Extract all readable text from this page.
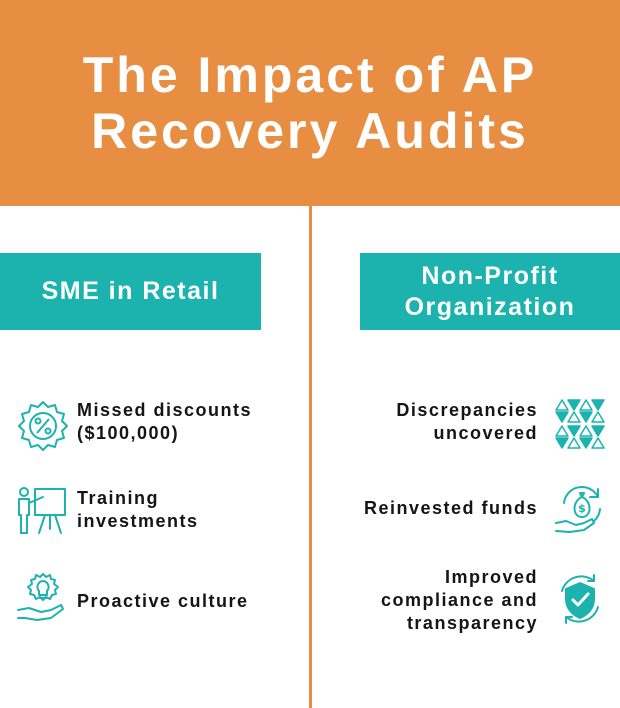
The Impact of AP
Recovery Audits
SME in Retail
Non-Profit
Organization
Missed discounts
($100,000)
Training
investments
Proactive culture
Discrepancies
uncovered
Reinvested funds	$
Improved
compliance and
transparency
